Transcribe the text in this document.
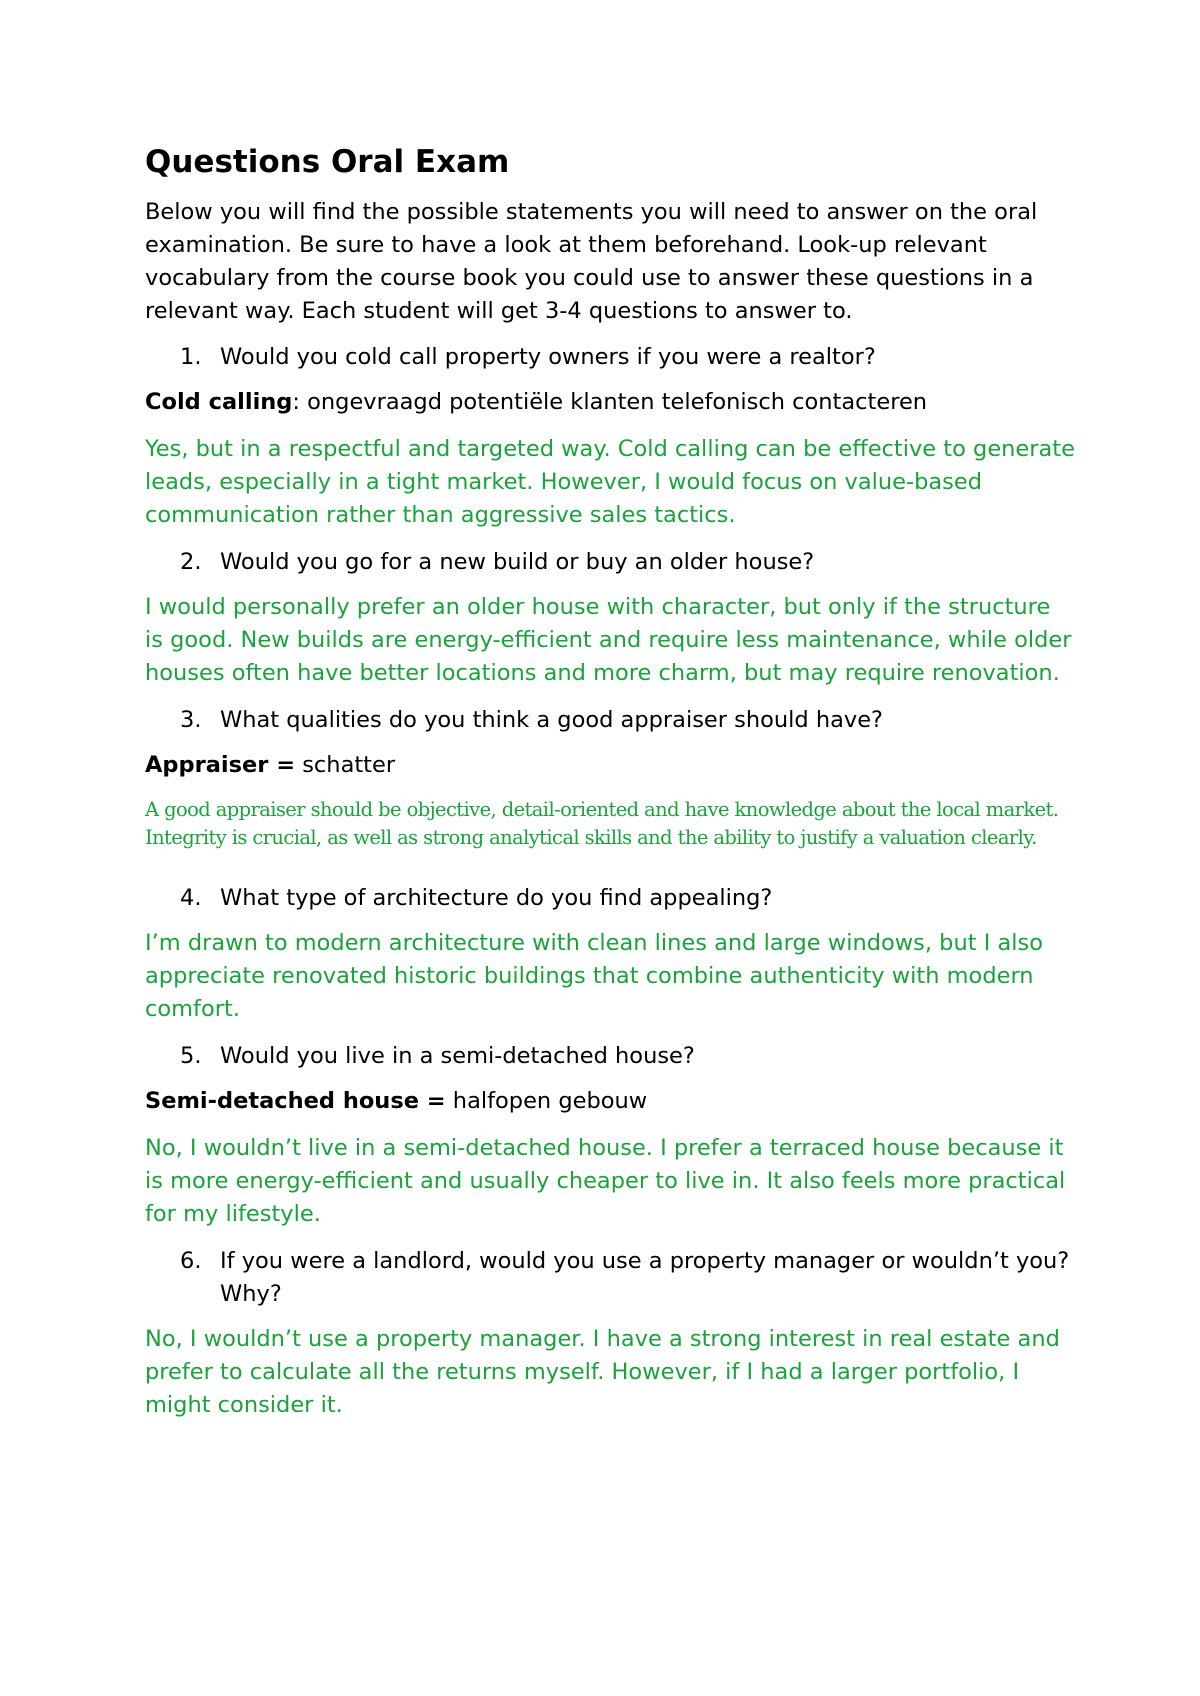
Questions Oral Exam

Below you will find the possible statements you will need to answer on the oral examination. Be sure to have a look at them beforehand. Look-up relevant vocabulary from the course book you could use to answer these questions in a relevant way. Each student will get 3-4 questions to answer to.

1. Would you cold call property owners if you were a realtor?

Cold calling: ongevraagd potentiële klanten telefonisch contacteren

Yes, but in a respectful and targeted way. Cold calling can be effective to generate leads, especially in a tight market. However, I would focus on value-based communication rather than aggressive sales tactics.

2. Would you go for a new build or buy an older house?

I would personally prefer an older house with character, but only if the structure is good. New builds are energy-efficient and require less maintenance, while older houses often have better locations and more charm, but may require renovation.

3. What qualities do you think a good appraiser should have?

Appraiser = schatter

A good appraiser should be objective, detail-oriented and have knowledge about the local market. Integrity is crucial, as well as strong analytical skills and the ability to justify a valuation clearly.

4. What type of architecture do you find appealing?

I’m drawn to modern architecture with clean lines and large windows, but I also appreciate renovated historic buildings that combine authenticity with modern comfort.

5. Would you live in a semi-detached house?

Semi-detached house = halfopen gebouw

No, I wouldn’t live in a semi-detached house. I prefer a terraced house because it is more energy-efficient and usually cheaper to live in. It also feels more practical for my lifestyle.

6. If you were a landlord, would you use a property manager or wouldn’t you? Why?

No, I wouldn’t use a property manager. I have a strong interest in real estate and prefer to calculate all the returns myself. However, if I had a larger portfolio, I might consider it.
